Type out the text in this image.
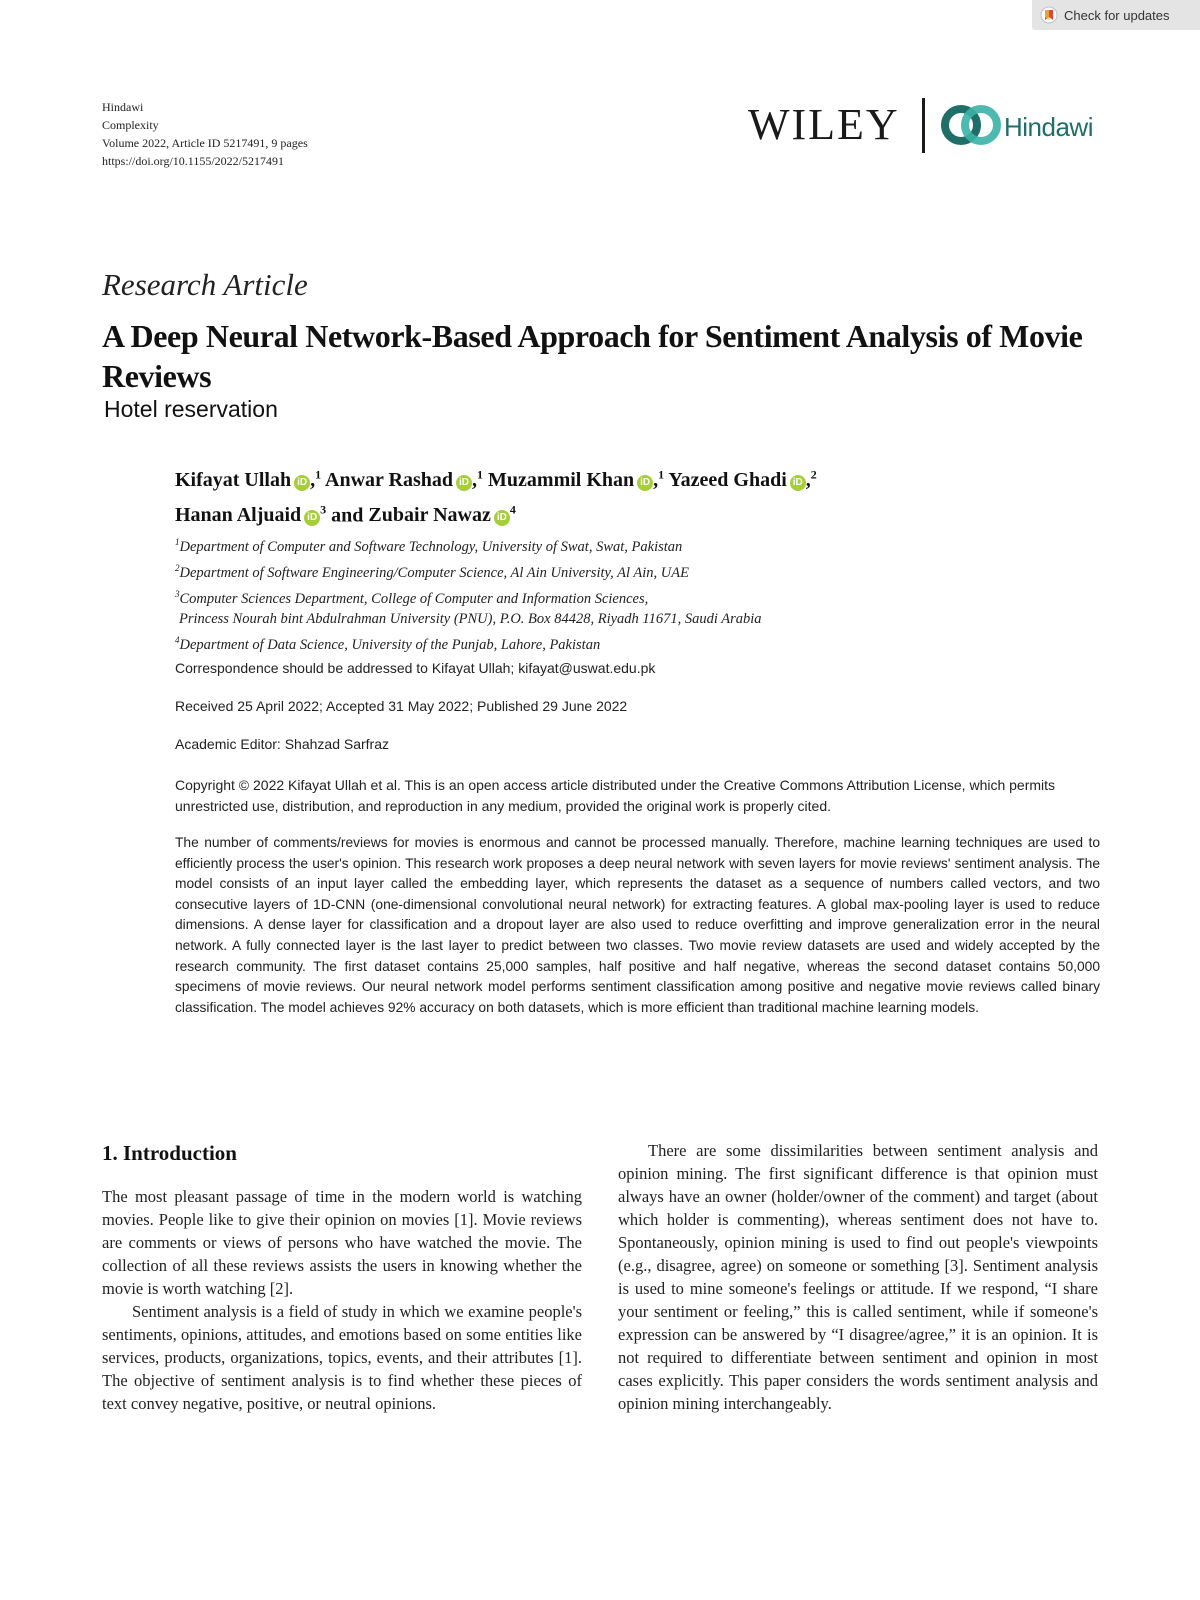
Check for updates
Hindawi
Complexity
Volume 2022, Article ID 5217491, 9 pages
https://doi.org/10.1155/2022/5217491
WILEY	Hindawi
Research Article
A Deep Neural Network-Based Approach for Sentiment Analysis of Movie Reviews
Hotel reservation
Kifayat Ullah iD ,$^1$ Anwar Rashad iD ,$^1$ Muzammil Khan iD ,$^1$ Yazeed Ghadi iD ,$^2$
Hanan Aljuaid $iD^3$ and Zubair Nawaz $iD^4$
$^1$Department of Computer and Software Technology, University of Swat, Swat, Pakistan
$^2$Department of Software Engineering/Computer Science, Al Ain University, Al Ain, UAE
$^3$Computer Sciences Department, College of Computer and Information Sciences,
Princess Nourah bint Abdulrahman University (PNU), P.O. Box 84428, Riyadh 11671, Saudi Arabia
$^4$Department of Data Science, University of the Punjab, Lahore, Pakistan
Correspondence should be addressed to Kifayat Ullah; kifayat@uswat.edu.pk
Received 25 April 2022; Accepted 31 May 2022; Published 29 June 2022
Academic Editor: Shahzad Sarfraz
Copyright © 2022 Kifayat Ullah et al. This is an open access article distributed under the Creative Commons Attribution License, which permits unrestricted use, distribution, and reproduction in any medium, provided the original work is properly cited.
The number of comments/reviews for movies is enormous and cannot be processed manually. Therefore, machine learning techniques are used to efficiently process the user's opinion. This research work proposes a deep neural network with seven layers for movie reviews' sentiment analysis. The model consists of an input layer called the embedding layer, which represents the dataset as a sequence of numbers called vectors, and two consecutive layers of 1D-CNN (one-dimensional convolutional neural network) for extracting features. A global max-pooling layer is used to reduce dimensions. A dense layer for classification and a dropout layer are also used to reduce overfitting and improve generalization error in the neural network. A fully connected layer is the last layer to predict between two classes. Two movie review datasets are used and widely accepted by the research community. The first dataset contains 25,000 samples, half positive and half negative, whereas the second dataset contains 50,000 specimens of movie reviews. Our neural network model performs sentiment classification among positive and negative movie reviews called binary classification. The model achieves 92% accuracy on both datasets, which is more efficient than traditional machine learning models.
1. Introduction

The most pleasant passage of time in the modern world is watching movies. People like to give their opinion on movies [1]. Movie reviews are comments or views of persons who have watched the movie. The collection of all these reviews assists the users in knowing whether the movie is worth watching [2].

Sentiment analysis is a field of study in which we examine people's sentiments, opinions, attitudes, and emotions based on some entities like services, products, organizations, topics, events, and their attributes [1]. The objective of sentiment analysis is to find whether these pieces of text convey negative, positive, or neutral opinions.

There are some dissimilarities between sentiment analysis and opinion mining. The first significant difference is that opinion must always have an owner (holder/owner of the comment) and target (about which holder is commenting), whereas sentiment does not have to. Spontaneously, opinion mining is used to find out people's viewpoints (e.g., disagree, agree) on someone or something [3]. Sentiment analysis is used to mine someone's feelings or attitude. If we respond, “I share your sentiment or feeling,” this is called sentiment, while if someone's expression can be answered by “I disagree/agree,” it is an opinion. It is not required to differentiate between sentiment and opinion in most cases explicitly. This paper considers the words sentiment analysis and opinion mining interchangeably.
